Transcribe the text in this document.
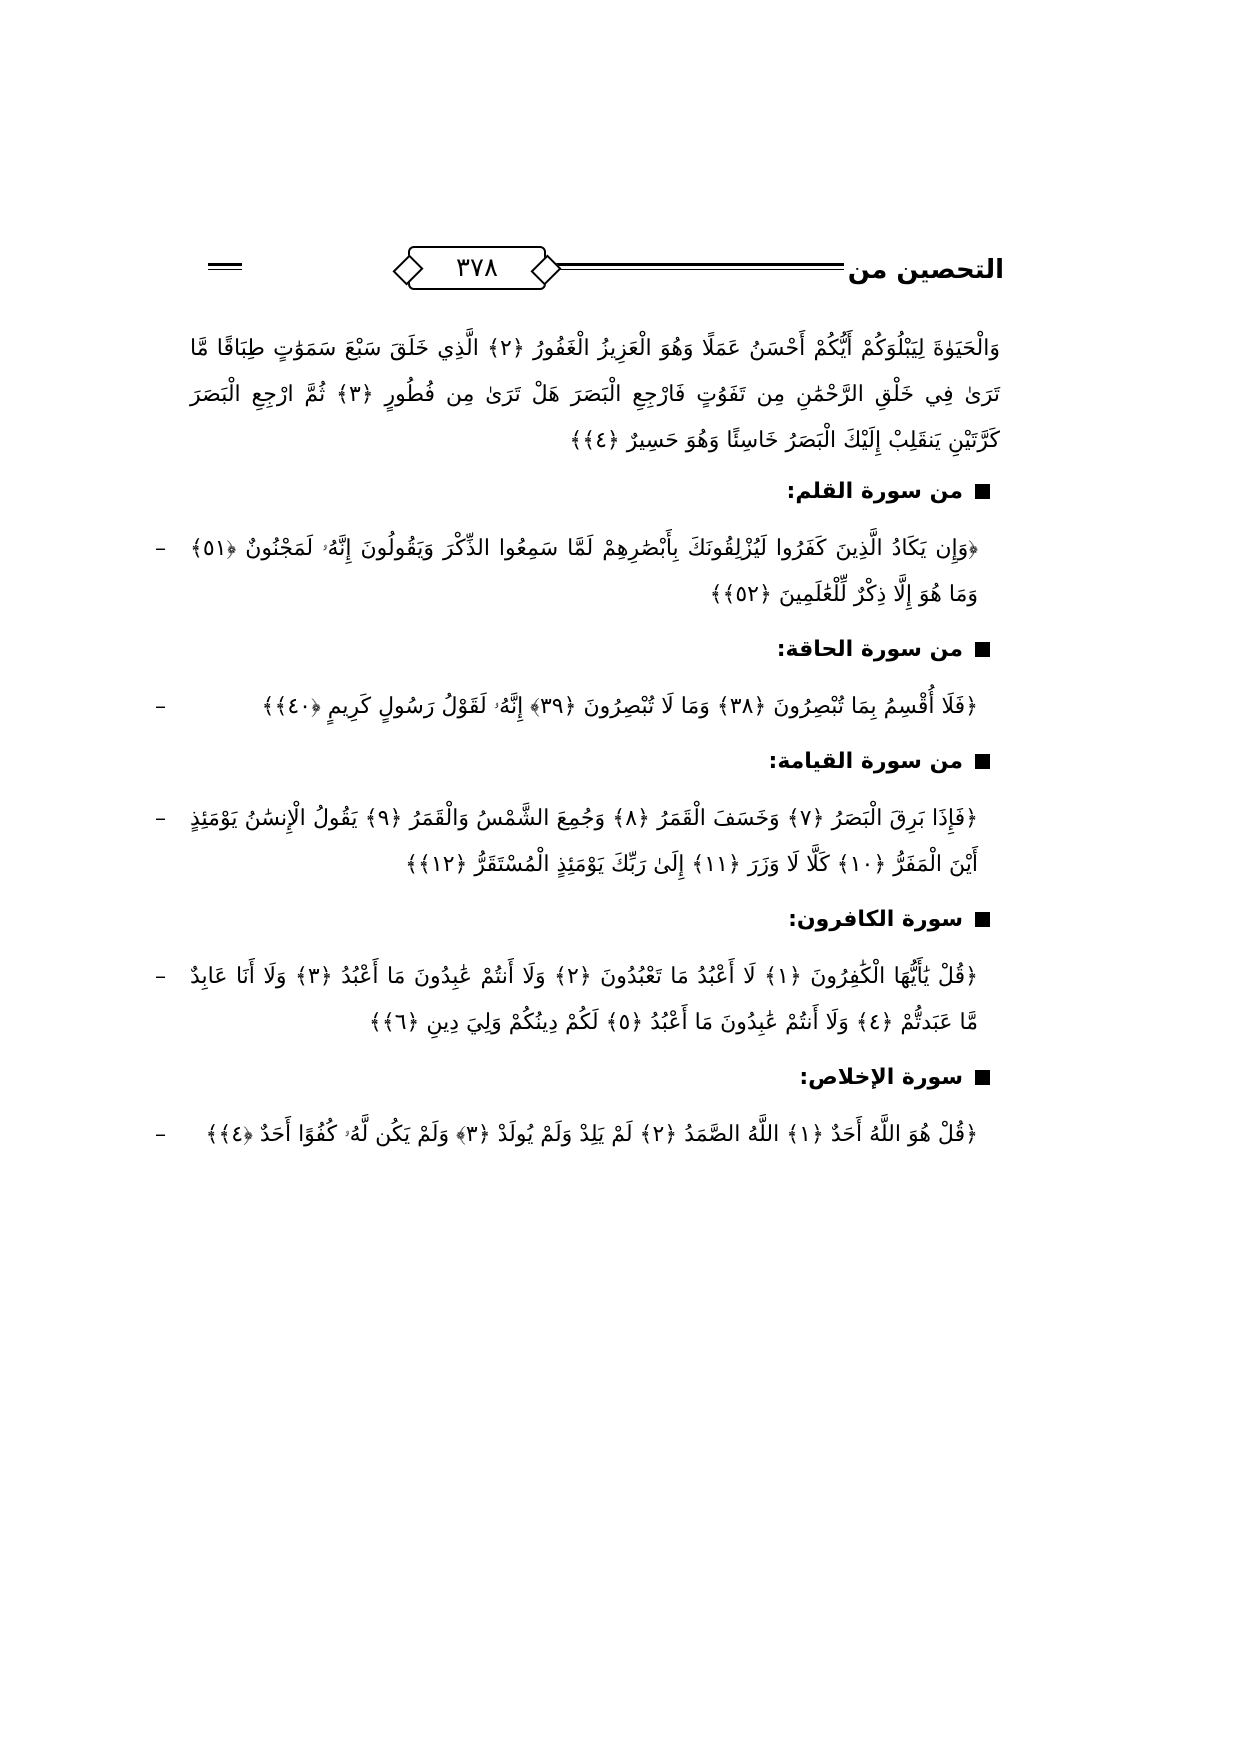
التحصين من
٣٧٨
وَالْحَيَوٰةَ لِيَبْلُوَكُمْ أَيُّكُمْ أَحْسَنُ عَمَلًا وَهُوَ الْعَزِيزُ الْغَفُورُ ﴿٢﴾ الَّذِي خَلَقَ سَبْعَ سَمَوَٰتٍ طِبَاقًا مَّا تَرَىٰ فِي خَلْقِ الرَّحْمَٰنِ مِن تَفَوُتٍ فَارْجِعِ الْبَصَرَ هَلْ تَرَىٰ مِن فُطُورٍ ﴿٣﴾ ثُمَّ ارْجِعِ الْبَصَرَ كَرَّتَيْنِ يَنقَلِبْ إِلَيْكَ الْبَصَرُ خَاسِئًا وَهُوَ حَسِيرٌ ﴿٤﴾﴾
من سورة القلم:
– ﴿وَإِن يَكَادُ الَّذِينَ كَفَرُوا لَيُزْلِقُونَكَ بِأَبْصَٰرِهِمْ لَمَّا سَمِعُوا الذِّكْرَ وَيَقُولُونَ إِنَّهُۥ لَمَجْنُونٌ ﴿٥١﴾ وَمَا هُوَ إِلَّا ذِكْرٌ لِّلْعَٰلَمِينَ ﴿٥٢﴾﴾
من سورة الحاقة:
–	﴿فَلَا أُقْسِمُ بِمَا تُبْصِرُونَ ﴿٣٨﴾ وَمَا لَا تُبْصِرُونَ ﴿٣٩﴾ إِنَّهُۥ لَقَوْلُ رَسُولٍ كَرِيمٍ ﴿٤٠﴾﴾
من سورة القيامة:
– ﴿فَإِذَا بَرِقَ الْبَصَرُ ﴿٧﴾ وَخَسَفَ الْقَمَرُ ﴿٨﴾ وَجُمِعَ الشَّمْسُ وَالْقَمَرُ ﴿٩﴾ يَقُولُ الْإِنسَٰنُ يَوْمَئِذٍ أَيْنَ الْمَفَرُّ ﴿١٠﴾ كَلَّا لَا وَزَرَ ﴿١١﴾ إِلَىٰ رَبِّكَ يَوْمَئِذٍ الْمُسْتَقَرُّ ﴿١٢﴾﴾
سورة الكافرون:
– ﴿قُلْ يَٰأَيُّهَا الْكَٰفِرُونَ ﴿١﴾ لَا أَعْبُدُ مَا تَعْبُدُونَ ﴿٢﴾ وَلَا أَنتُمْ عَٰبِدُونَ مَا أَعْبُدُ ﴿٣﴾ وَلَا أَنَا عَابِدٌ مَّا عَبَدتُّمْ ﴿٤﴾ وَلَا أَنتُمْ عَٰبِدُونَ مَا أَعْبُدُ ﴿٥﴾ لَكُمْ دِينُكُمْ وَلِيَ دِينِ ﴿٦﴾﴾
سورة الإخلاص:
–	﴿قُلْ هُوَ اللَّهُ أَحَدٌ ﴿١﴾ اللَّهُ الصَّمَدُ ﴿٢﴾ لَمْ يَلِدْ وَلَمْ يُولَدْ ﴿٣﴾ وَلَمْ يَكُن لَّهُۥ كُفُوًا أَحَدٌ ﴿٤﴾﴾
